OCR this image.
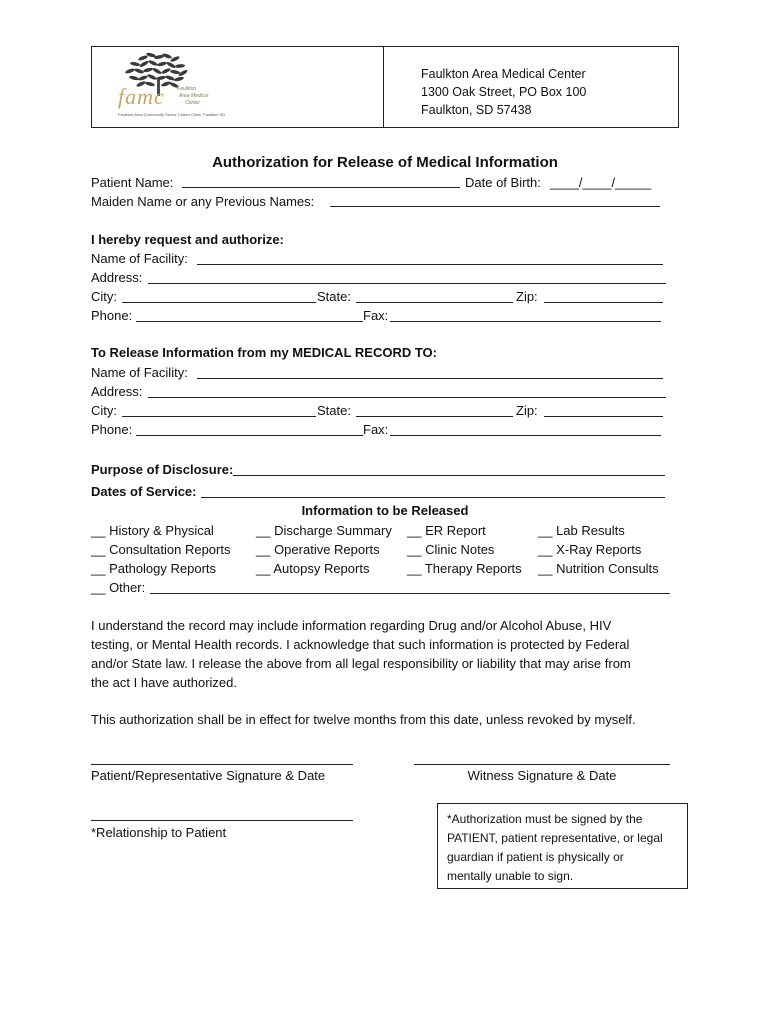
famc Faulkton
Area Medical
Center
Faulkton Area Community Senior Citizen Clinic, Faulkton SD
Faulkton Area Medical Center
1300 Oak Street, PO Box 100
Faulkton, SD 57438
Authorization for Release of Medical Information
Patient Name:	Date of Birth: ____/____/_____
Maiden Name or any Previous Names:
I hereby request and authorize:
Name of Facility:
Address:
City:	State:	Zip:
Phone:	Fax:
To Release Information from my MEDICAL RECORD TO:
Name of Facility:
Address:
City:	State:	Zip:
Phone:	Fax:
Purpose of Disclosure:
Dates of Service:
Information to be Released
__ History & Physical	__ Discharge Summary __ ER Report	__ Lab Results
__ Consultation Reports __ Operative Reports __ Clinic Notes	__ X-Ray Reports
__ Pathology Reports	__ Autopsy Reports	__ Therapy Reports __ Nutrition Consults
__ Other:
I understand the record may include information regarding Drug and/or Alcohol Abuse, HIV
testing, or Mental Health records. I acknowledge that such information is protected by Federal
and/or State law. I release the above from all legal responsibility or liability that may arise from
the act I have authorized.
This authorization shall be in effect for twelve months from this date, unless revoked by myself.
Patient/Representative Signature & Date	Witness Signature & Date
*Relationship to Patient
*Authorization must be signed by the
PATIENT, patient representative, or legal
guardian if patient is physically or
mentally unable to sign.
